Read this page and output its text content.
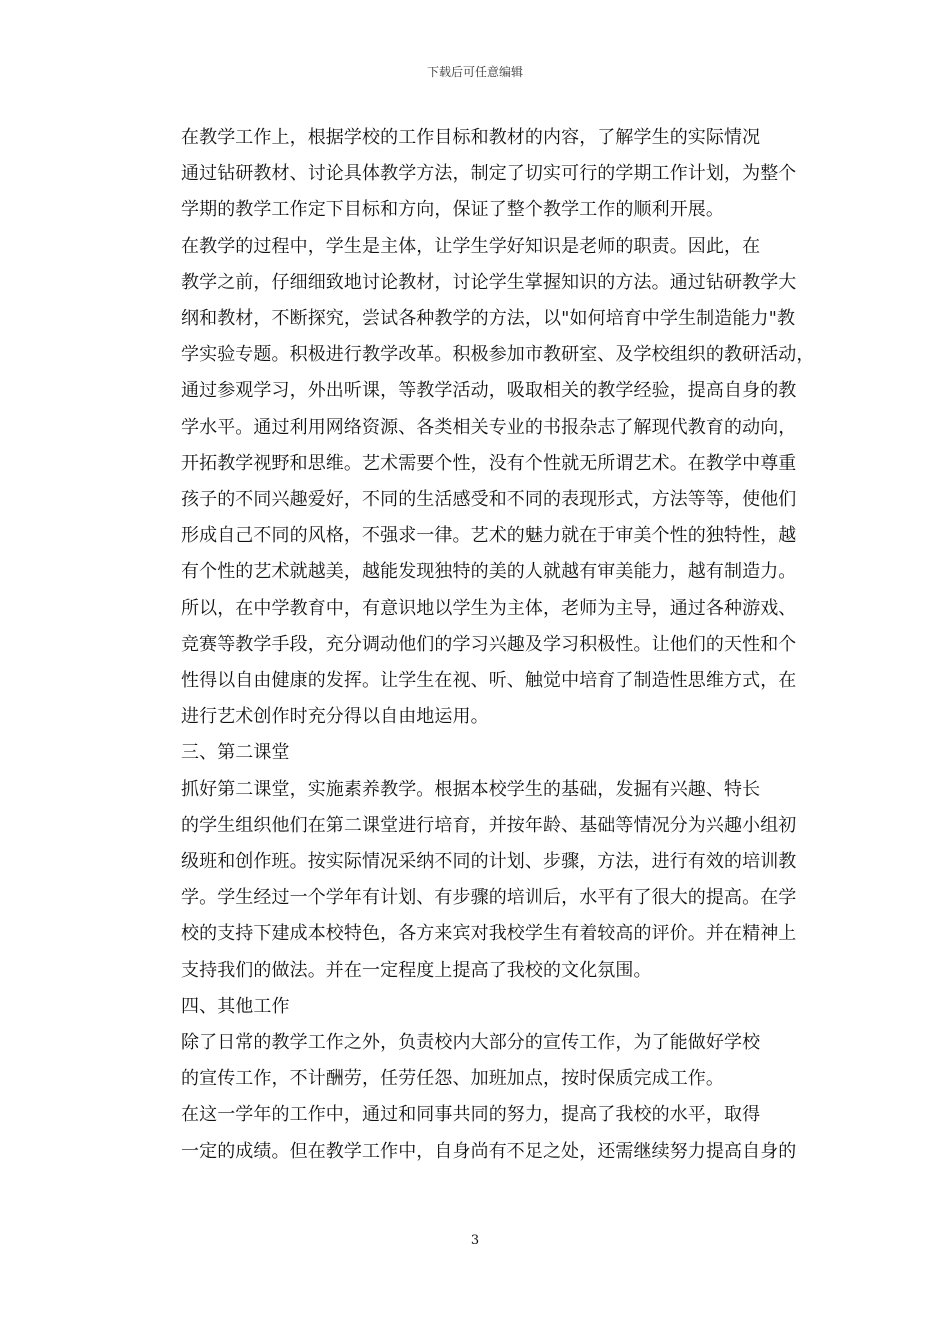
下载后可任意编辑

在教学工作上，根据学校的工作目标和教材的内容，了解学生的实际情况
通过钻研教材、讨论具体教学方法，制定了切实可行的学期工作计划，为整个
学期的教学工作定下目标和方向，保证了整个教学工作的顺利开展。

在教学的过程中，学生是主体，让学生学好知识是老师的职责。因此，在
教学之前，仔细细致地讨论教材，讨论学生掌握知识的方法。通过钻研教学大
纲和教材，不断探究，尝试各种教学的方法，以"如何培育中学生制造能力"教
学实验专题。积极进行教学改革。积极参加市教研室、及学校组织的教研活动，
通过参观学习，外出听课，等教学活动，吸取相关的教学经验，提高自身的教
学水平。通过利用网络资源、各类相关专业的书报杂志了解现代教育的动向，
开拓教学视野和思维。艺术需要个性，没有个性就无所谓艺术。在教学中尊重
孩子的不同兴趣爱好，不同的生活感受和不同的表现形式，方法等等，使他们
形成自己不同的风格，不强求一律。艺术的魅力就在于审美个性的独特性，越
有个性的艺术就越美，越能发现独特的美的人就越有审美能力，越有制造力。
所以，在中学教育中，有意识地以学生为主体，老师为主导，通过各种游戏、
竞赛等教学手段，充分调动他们的学习兴趣及学习积极性。让他们的天性和个
性得以自由健康的发挥。让学生在视、听、触觉中培育了制造性思维方式，在
进行艺术创作时充分得以自由地运用。

三、第二课堂

抓好第二课堂，实施素养教学。根据本校学生的基础，发掘有兴趣、特长
的学生组织他们在第二课堂进行培育，并按年龄、基础等情况分为兴趣小组初
级班和创作班。按实际情况采纳不同的计划、步骤，方法，进行有效的培训教
学。学生经过一个学年有计划、有步骤的培训后，水平有了很大的提高。在学
校的支持下建成本校特色，各方来宾对我校学生有着较高的评价。并在精神上
支持我们的做法。并在一定程度上提高了我校的文化氛围。

四、其他工作

除了日常的教学工作之外，负责校内大部分的宣传工作，为了能做好学校
的宣传工作，不计酬劳，任劳任怨、加班加点，按时保质完成工作。

在这一学年的工作中，通过和同事共同的努力，提高了我校的水平，取得
一定的成绩。但在教学工作中，自身尚有不足之处，还需继续努力提高自身的

3
